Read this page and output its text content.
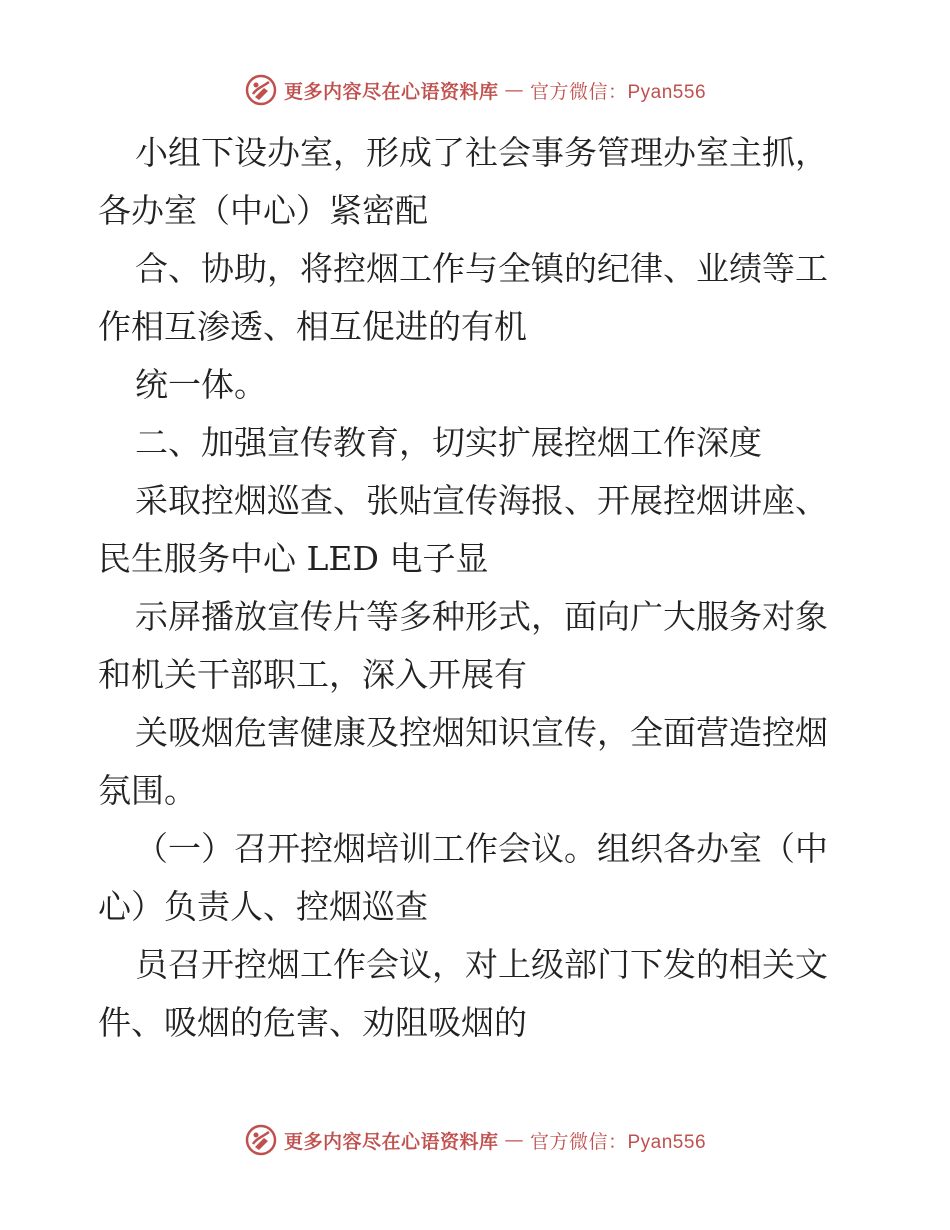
更多内容尽在心语资料库 — 官方微信：Pyan556
小组下设办室，形成了社会事务管理办室主抓，
各办室（中心）紧密配
合、协助，将控烟工作与全镇的纪律、业绩等工
作相互渗透、相互促进的有机
统一体。
二、加强宣传教育，切实扩展控烟工作深度
采取控烟巡查、张贴宣传海报、开展控烟讲座、
民生服务中心 LED 电子显
示屏播放宣传片等多种形式，面向广大服务对象
和机关干部职工，深入开展有
关吸烟危害健康及控烟知识宣传，全面营造控烟
氛围。
（一）召开控烟培训工作会议。组织各办室（中
心）负责人、控烟巡查
员召开控烟工作会议，对上级部门下发的相关文
件、吸烟的危害、劝阻吸烟的
更多内容尽在心语资料库 — 官方微信：Pyan556
